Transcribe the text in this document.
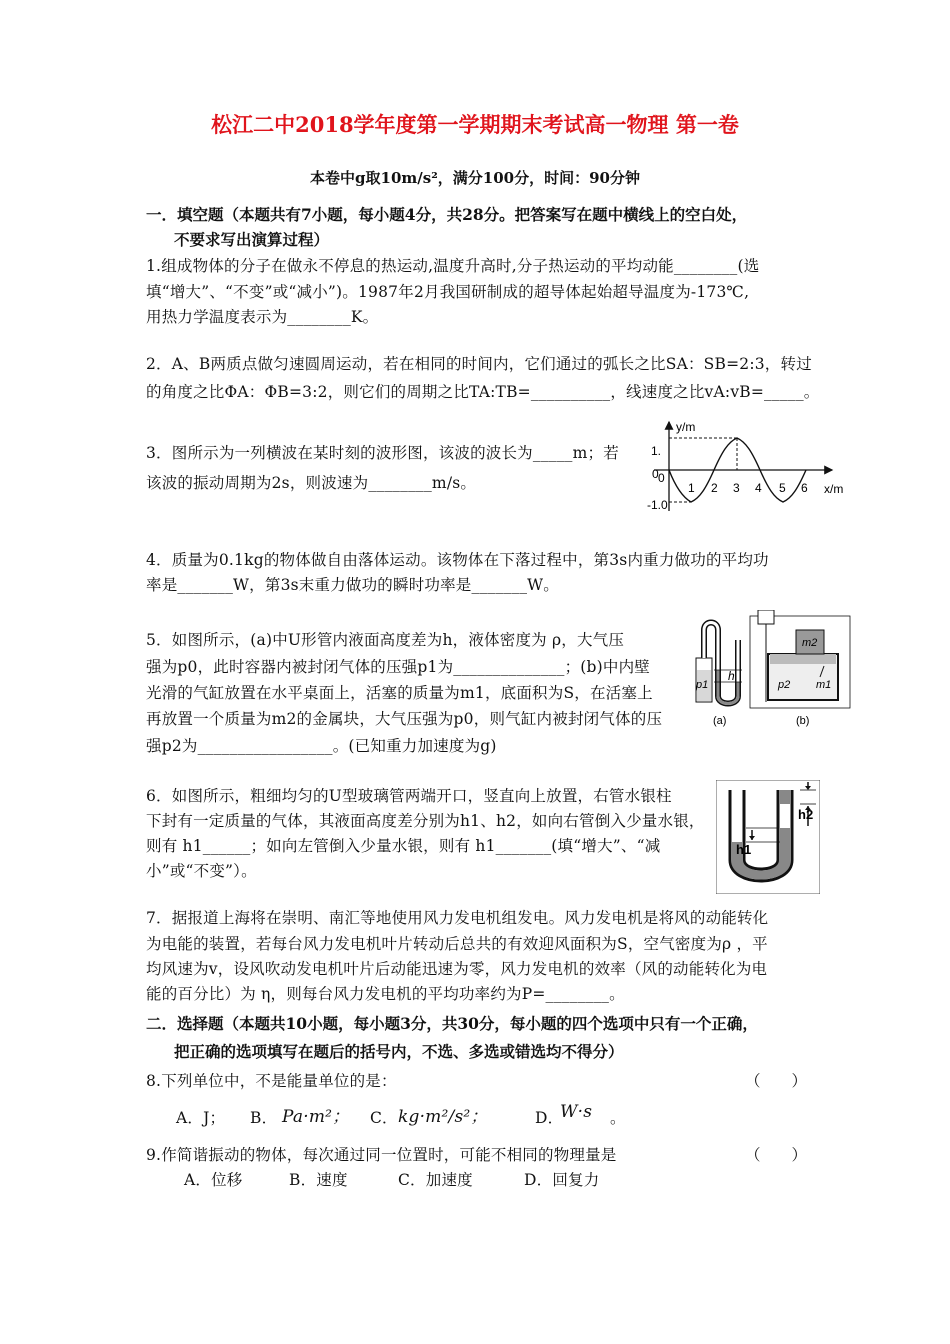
松江二中2018学年度第一学期期末考试高一物理 第一卷
本卷中g取10m/s²，满分100分，时间：90分钟
一．填空题（本题共有7小题，每小题4分，共28分。把答案写在题中横线上的空白处，
不要求写出演算过程）
1.组成物体的分子在做永不停息的热运动,温度升高时,分子热运动的平均动能________(选
填“增大”、“不变”或“减小”)。1987年2月我国研制成的超导体起始超导温度为-173℃,
用热力学温度表示为________K。
2．A、B两质点做匀速圆周运动，若在相同的时间内，它们通过的弧长之比SA：SB=2:3，转过
的角度之比ΦA：ΦB=3:2，则它们的周期之比TA:TB=__________，线速度之比vA:vB=_____。
3．图所示为一列横波在某时刻的波形图，该波的波长为_____m；若
该波的振动周期为2s，则波速为________m/s。
y/m
x/m
1.
0
-1.0
0
1 2 3 4 5 6
4．质量为0.1kg的物体做自由落体运动。该物体在下落过程中，第3s内重力做功的平均功
率是_______W，第3s末重力做功的瞬时功率是_______W。
5．如图所示，(a)中U形管内液面高度差为h，液体密度为 ρ，大气压
强为p0，此时容器内被封闭气体的压强p1为______________；(b)中内壁
光滑的气缸放置在水平桌面上，活塞的质量为m1，底面积为S，在活塞上
再放置一个质量为m2的金属块，大气压强为p0，则气缸内被封闭气体的压
强p2为_________________。(已知重力加速度为g)
h
p1
(a)
m2
p2 m1
(b)
6．如图所示，粗细均匀的U型玻璃管两端开口，竖直向上放置，右管水银柱
下封有一定质量的气体，其液面高度差分别为h1、h2，如向右管倒入少量水银，
则有 h1______；如向左管倒入少量水银，则有 h1_______(填“增大”、“减
小”或“不变”）。
h2
h1
7．据报道上海将在崇明、南汇等地使用风力发电机组发电。风力发电机是将风的动能转化
为电能的装置，若每台风力发电机叶片转动后总共的有效迎风面积为S，空气密度为ρ ，平
均风速为v，设风吹动发电机叶片后动能迅速为零，风力发电机的效率（风的动能转化为电
能的百分比）为 η，则每台风力发电机的平均功率约为P=________。
二．选择题（本题共10小题，每小题3分，共30分，每小题的四个选项中只有一个正确，
把正确的选项填写在题后的括号内，不选、多选或错选均不得分）
8.下列单位中，不是能量单位的是：	（　　）
A．J； B． Pa·m²； C． kg·m²/s²；	D．
W·s 。
9.作简谐振动的物体，每次通过同一位置时，可能不相同的物理量是	（　　）
A．位移	B．速度	C．加速度	D．回复力
